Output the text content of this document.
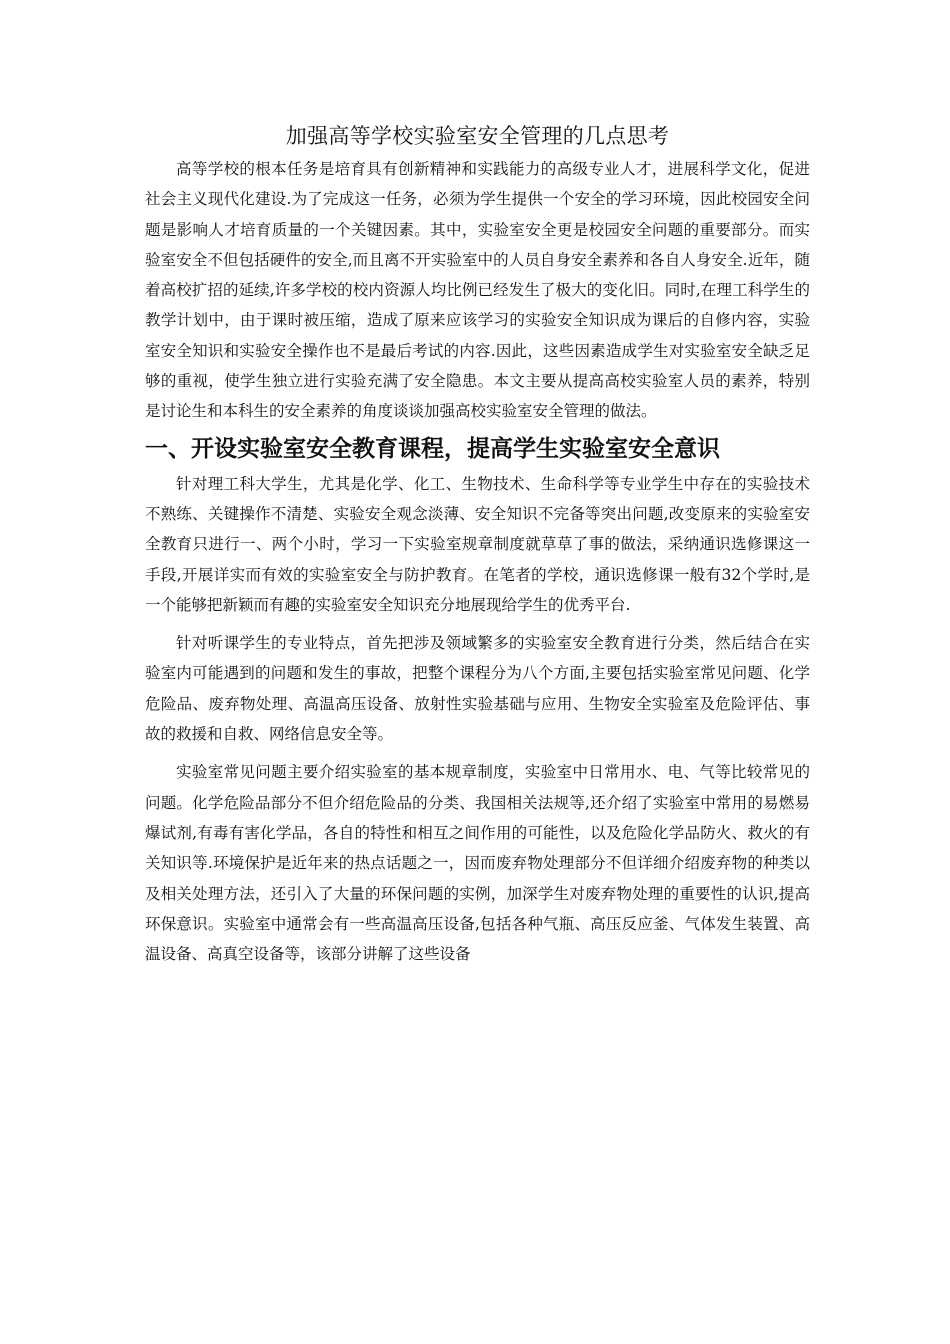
加强高等学校实验室安全管理的几点思考

高等学校的根本任务是培育具有创新精神和实践能力的高级专业人才，进展科学文化，促进社会主义现代化建设.为了完成这一任务，必须为学生提供一个安全的学习环境，因此校园安全问题是影响人才培育质量的一个关键因素。其中，实验室安全更是校园安全问题的重要部分。而实验室安全不但包括硬件的安全,而且离不开实验室中的人员自身安全素养和各自人身安全.近年，随着高校扩招的延续,许多学校的校内资源人均比例已经发生了极大的变化旧。同时,在理工科学生的教学计划中，由于课时被压缩，造成了原来应该学习的实验安全知识成为课后的自修内容，实验室安全知识和实验安全操作也不是最后考试的内容.因此，这些因素造成学生对实验室安全缺乏足够的重视，使学生独立进行实验充满了安全隐患。本文主要从提高高校实验室人员的素养，特别是讨论生和本科生的安全素养的角度谈谈加强高校实验室安全管理的做法。

一、开设实验室安全教育课程，提高学生实验室安全意识

针对理工科大学生，尤其是化学、化工、生物技术、生命科学等专业学生中存在的实验技术不熟练、关键操作不清楚、实验安全观念淡薄、安全知识不完备等突出问题,改变原来的实验室安全教育只进行一、两个小时，学习一下实验室规章制度就草草了事的做法，采纳通识选修课这一手段,开展详实而有效的实验室安全与防护教育。在笔者的学校，通识选修课一般有32个学时,是一个能够把新颖而有趣的实验室安全知识充分地展现给学生的优秀平台.

针对听课学生的专业特点，首先把涉及领域繁多的实验室安全教育进行分类，然后结合在实验室内可能遇到的问题和发生的事故，把整个课程分为八个方面,主要包括实验室常见问题、化学危险品、废弃物处理、高温高压设备、放射性实验基础与应用、生物安全实验室及危险评估、事故的救援和自救、网络信息安全等。

实验室常见问题主要介绍实验室的基本规章制度，实验室中日常用水、电、气等比较常见的问题。化学危险品部分不但介绍危险品的分类、我国相关法规等,还介绍了实验室中常用的易燃易爆试剂,有毒有害化学品，各自的特性和相互之间作用的可能性，以及危险化学品防火、救火的有关知识等.环境保护是近年来的热点话题之一，因而废弃物处理部分不但详细介绍废弃物的种类以及相关处理方法，还引入了大量的环保问题的实例，加深学生对废弃物处理的重要性的认识,提高环保意识。实验室中通常会有一些高温高压设备,包括各种气瓶、高压反应釜、气体发生装置、高温设备、高真空设备等，该部分讲解了这些设备
